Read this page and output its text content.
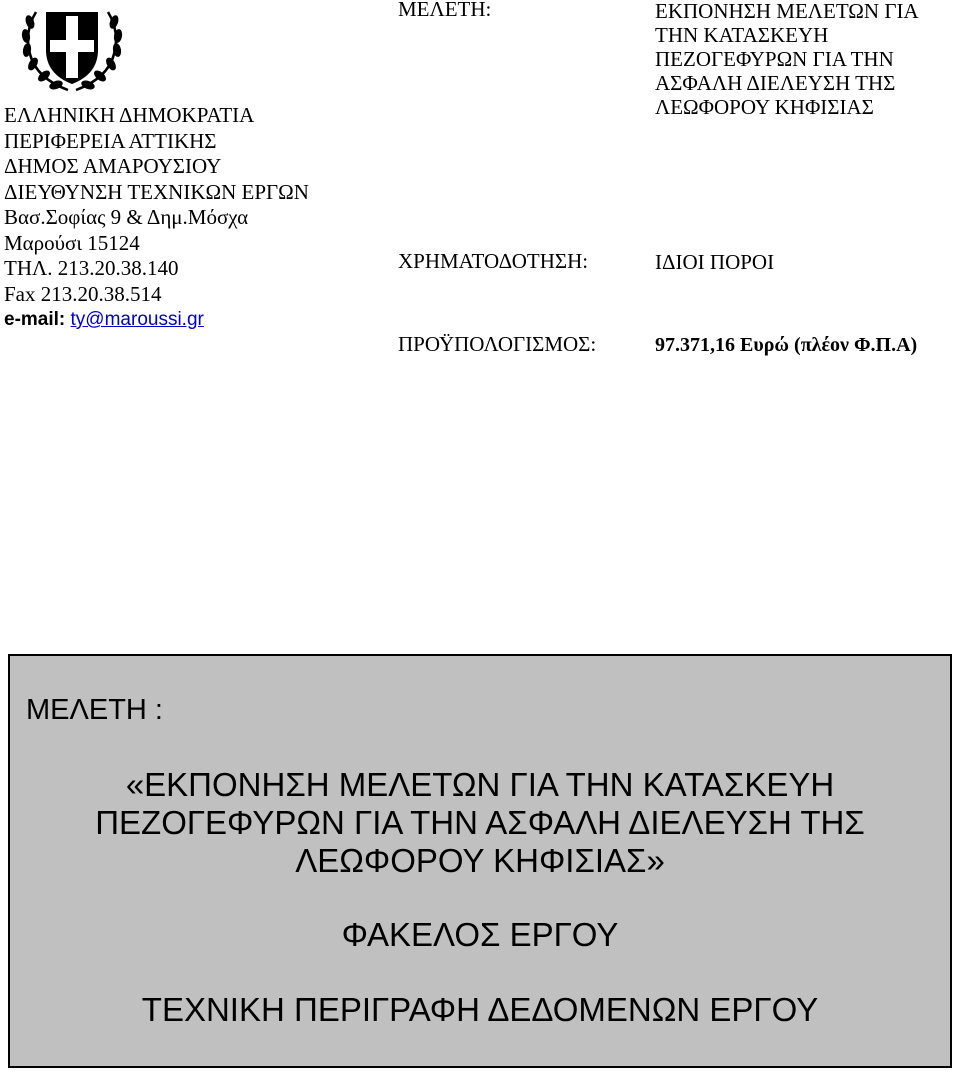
ΕΛΛΗΝΙΚΗ ΔΗΜΟΚΡΑΤΙΑ
ΠΕΡΙΦΕΡΕΙΑ ΑΤΤΙΚΗΣ
ΔΗΜΟΣ ΑΜΑΡΟΥΣΙΟΥ
ΔΙΕΥΘΥΝΣΗ ΤΕΧΝΙΚΩΝ ΕΡΓΩΝ
Βασ.Σοφίας 9 & Δημ.Μόσχα
Μαρούσι 15124
ΤΗΛ. 213.20.38.140
Fax 213.20.38.514
e-mail: ty@maroussi.gr
ΜΕΛΕΤΗ:	ΕΚΠΟΝΗΣΗ ΜΕΛΕΤΩΝ ΓΙΑ
ΤΗΝ ΚΑΤΑΣΚΕΥΗ
ΠΕΖΟΓΕΦΥΡΩΝ ΓΙΑ ΤΗΝ
ΑΣΦΑΛΗ ΔΙΕΛΕΥΣΗ ΤΗΣ
ΛΕΩΦΟΡΟΥ ΚΗΦΙΣΙΑΣ
ΧΡΗΜΑΤΟΔΟΤΗΣΗ:	ΙΔΙΟΙ ΠΟΡΟΙ
ΠΡΟΫΠΟΛΟΓΙΣΜΟΣ:	97.371,16 Ευρώ (πλέον Φ.Π.Α)
ΜΕΛΕΤΗ :
«ΕΚΠΟΝΗΣΗ ΜΕΛΕΤΩΝ ΓΙΑ ΤΗΝ ΚΑΤΑΣΚΕΥΗ
ΠΕΖΟΓΕΦΥΡΩΝ ΓΙΑ ΤΗΝ ΑΣΦΑΛΗ ΔΙΕΛΕΥΣΗ ΤΗΣ
ΛΕΩΦΟΡΟΥ ΚΗΦΙΣΙΑΣ»
ΦΑΚΕΛΟΣ ΕΡΓΟΥ
ΤΕΧΝΙΚΗ ΠΕΡΙΓΡΑΦΗ ΔΕΔΟΜΕΝΩΝ ΕΡΓΟΥ
